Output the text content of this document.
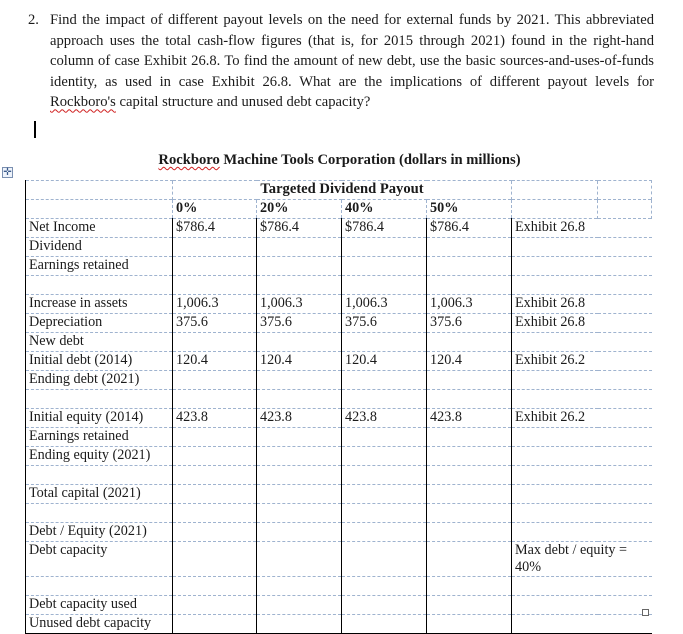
2. Find the impact of different payout levels on the need for external funds by 2021. This abbreviated approach uses the total cash-flow figures (that is, for 2015 through 2021) found in the right-hand column of case Exhibit 26.8. To find the amount of new debt, use the basic sources-and-uses-of-funds identity, as used in case Exhibit 26.8. What are the implications of different payout levels for Rockboro's capital structure and unused debt capacity?
Rockboro Machine Tools Corporation (dollars in millions)
✛
	Targeted Dividend Payout					
	0%	20%	40%	50%		
Net Income	$786.4	$786.4	$786.4	$786.4	Exhibit 26.8	
Dividend						
Earnings retained						

Increase in assets	1,006.3	1,006.3	1,006.3	1,006.3	Exhibit 26.8	
Depreciation	375.6	375.6	375.6	375.6	Exhibit 26.8	
New debt						
Initial debt (2014)	120.4	120.4	120.4	120.4	Exhibit 26.2	
Ending debt (2021)						

Initial equity (2014)	423.8	423.8	423.8	423.8	Exhibit 26.2	
Earnings retained						
Ending equity (2021)						

Total capital (2021)						

Debt / Equity (2021)						
Debt capacity					Max debt / equity = 40%	

Debt capacity used						
Unused debt capacity						
